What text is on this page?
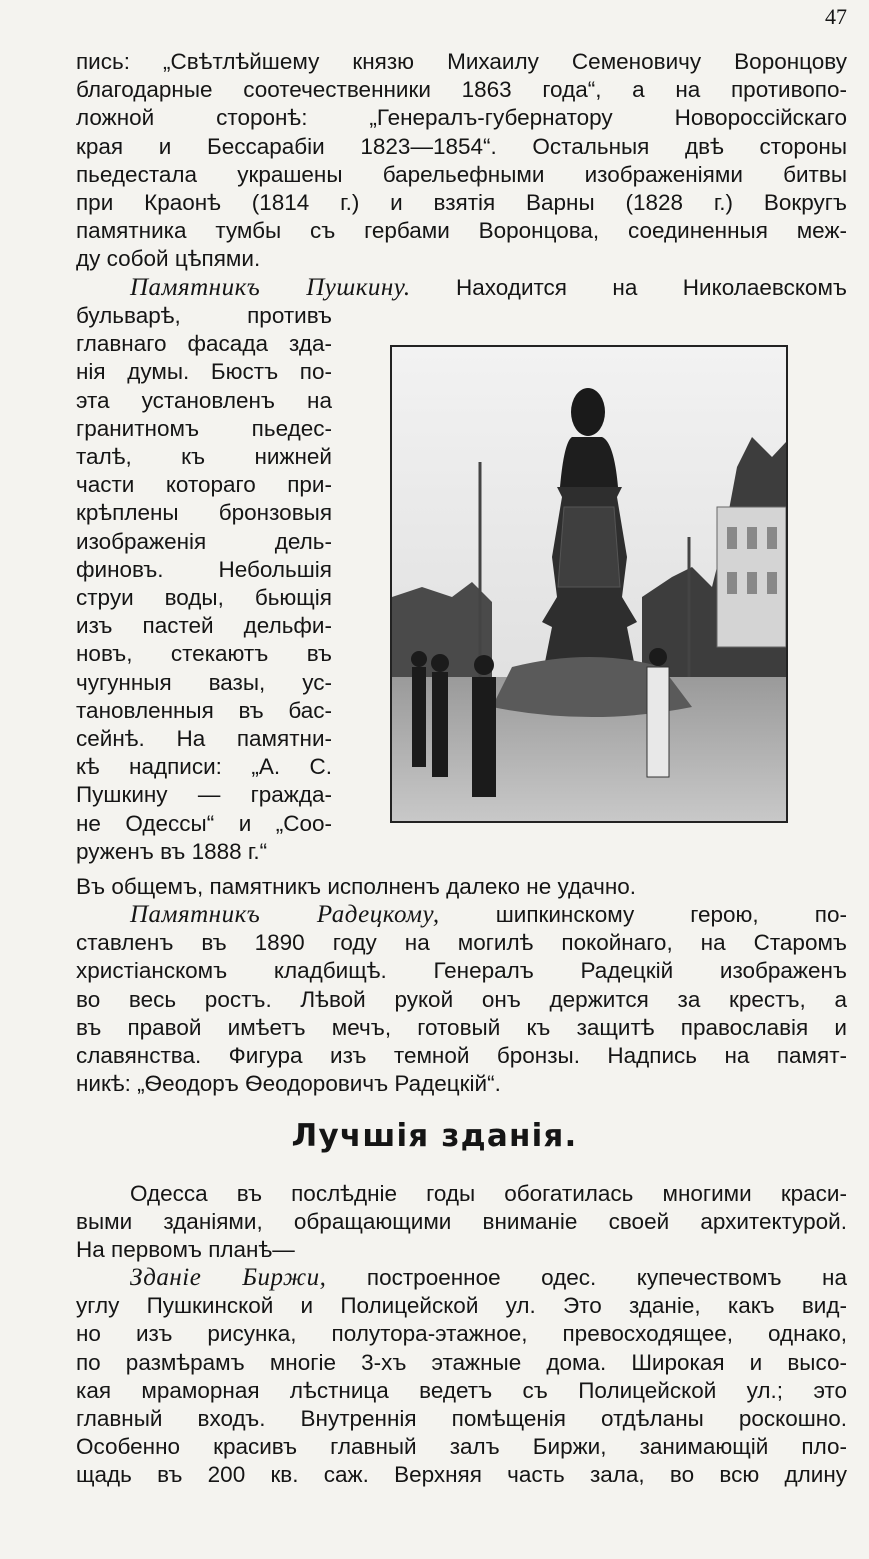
47
пись: „Свѣтлѣйшему князю Михаилу Семеновичу Воронцову
благодарные соотечественники 1863 года“, а на противопо-
ложной сторонѣ: „Генералъ-губернатору Новороссійскаго
края и Бессарабіи 1823—1854“. Остальныя двѣ стороны
пьедестала украшены барельефными изображеніями битвы
при Краонѣ (1814 г.) и взятія Варны (1828 г.) Вокругъ
памятника тумбы съ гербами Воронцова, соединенныя меж-
ду собой цѣпями.
Памятникъ Пушкину. Находится на Николаевскомъ
бульварѣ, противъ
главнаго фасада зда-
нія думы. Бюстъ по-
эта установленъ на
гранитномъ пьедес-
талѣ, къ нижней
части котораго при-
крѣплены бронзовыя
изображенія дель-
финовъ. Небольшія
струи воды, бьющія
изъ пастей дельфи-
новъ, стекаютъ въ
чугунныя вазы, ус-
тановленныя въ бас-
сейнѣ. На памятни-
кѣ надписи: „А. С.
Пушкину — гражда-
не Одессы“ и „Соо-
руженъ въ 1888 г.“
Въ общемъ, памятникъ исполненъ далеко не удачно.
Памятникъ Радецкому, шипкинскому герою, по-
ставленъ въ 1890 году на могилѣ покойнаго, на Старомъ
христіанскомъ кладбищѣ. Генералъ Радецкій изображенъ
во весь ростъ. Лѣвой рукой онъ держится за крестъ, а
въ правой имѣетъ мечъ, готовый къ защитѣ православія и
славянства. Фигура изъ темной бронзы. Надпись на памят-
никѣ: „Ѳеодоръ Ѳеодоровичъ Радецкій“.
Лучшія зданія.
Одесса въ послѣдніе годы обогатилась многими краси-
выми зданіями, обращающими вниманіе своей архитектурой.
На первомъ планѣ—
Зданіе Биржи, построенное одес. купечествомъ на
углу Пушкинской и Полицейской ул. Это зданіе, какъ вид-
но изъ рисунка, полутора-этажное, превосходящее, однако,
по размѣрамъ многіе 3-хъ этажные дома. Широкая и высо-
кая мраморная лѣстница ведетъ съ Полицейской ул.; это
главный входъ. Внутреннія помѣщенія отдѣланы роскошно.
Особенно красивъ главный залъ Биржи, занимающій пло-
щадь въ 200 кв. саж. Верхняя часть зала, во всю длину
